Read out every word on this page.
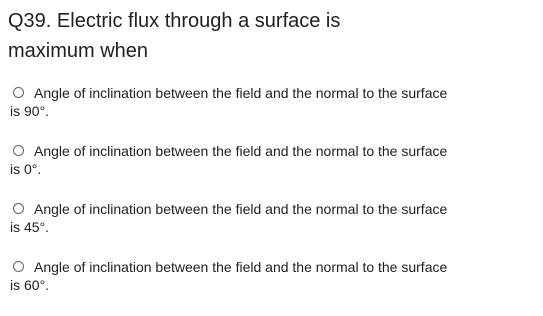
Q39. Electric flux through a surface is
maximum when
Angle of inclination between the field and the normal to the surface
is 90°.
Angle of inclination between the field and the normal to the surface
is 0°.
Angle of inclination between the field and the normal to the surface
is 45°.
Angle of inclination between the field and the normal to the surface
is 60°.
